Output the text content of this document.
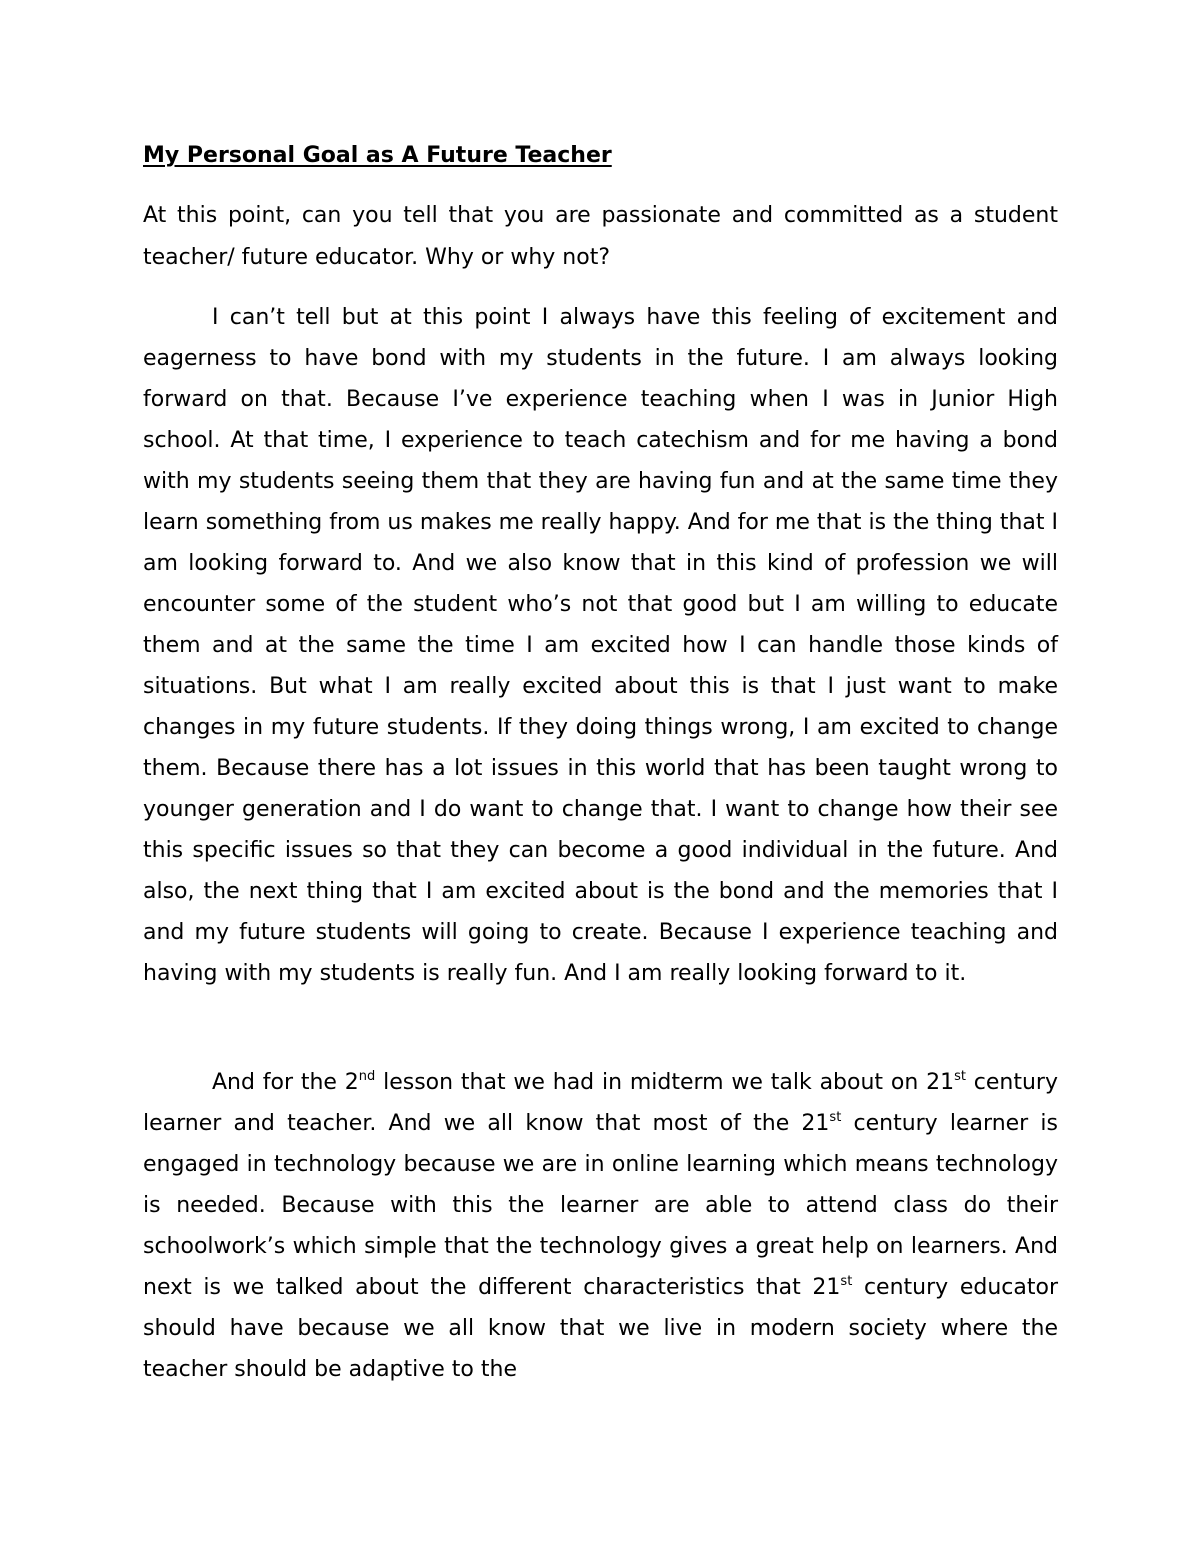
My Personal Goal as A Future Teacher

At this point, can you tell that you are passionate and committed as a student teacher/ future educator. Why or why not?

I can’t tell but at this point I always have this feeling of excitement and eagerness to have bond with my students in the future. I am always looking forward on that. Because I’ve experience teaching when I was in Junior High school. At that time, I experience to teach catechism and for me having a bond with my students seeing them that they are having fun and at the same time they learn something from us makes me really happy. And for me that is the thing that I am looking forward to. And we also know that in this kind of profession we will encounter some of the student who’s not that good but I am willing to educate them and at the same the time I am excited how I can handle those kinds of situations. But what I am really excited about this is that I just want to make changes in my future students. If they doing things wrong, I am excited to change them. Because there has a lot issues in this world that has been taught wrong to younger generation and I do want to change that. I want to change how their see this specific issues so that they can become a good individual in the future. And also, the next thing that I am excited about is the bond and the memories that I and my future students will going to create. Because I experience teaching and having with my students is really fun. And I am really looking forward to it.

And for the 2nd lesson that we had in midterm we talk about on 21st century learner and teacher. And we all know that most of the 21st century learner is engaged in technology because we are in online learning which means technology is needed. Because with this the learner are able to attend class do their schoolwork’s which simple that the technology gives a great help on learners. And next is we talked about the different characteristics that 21st century educator should have because we all know that we live in modern society where the teacher should be adaptive to the
